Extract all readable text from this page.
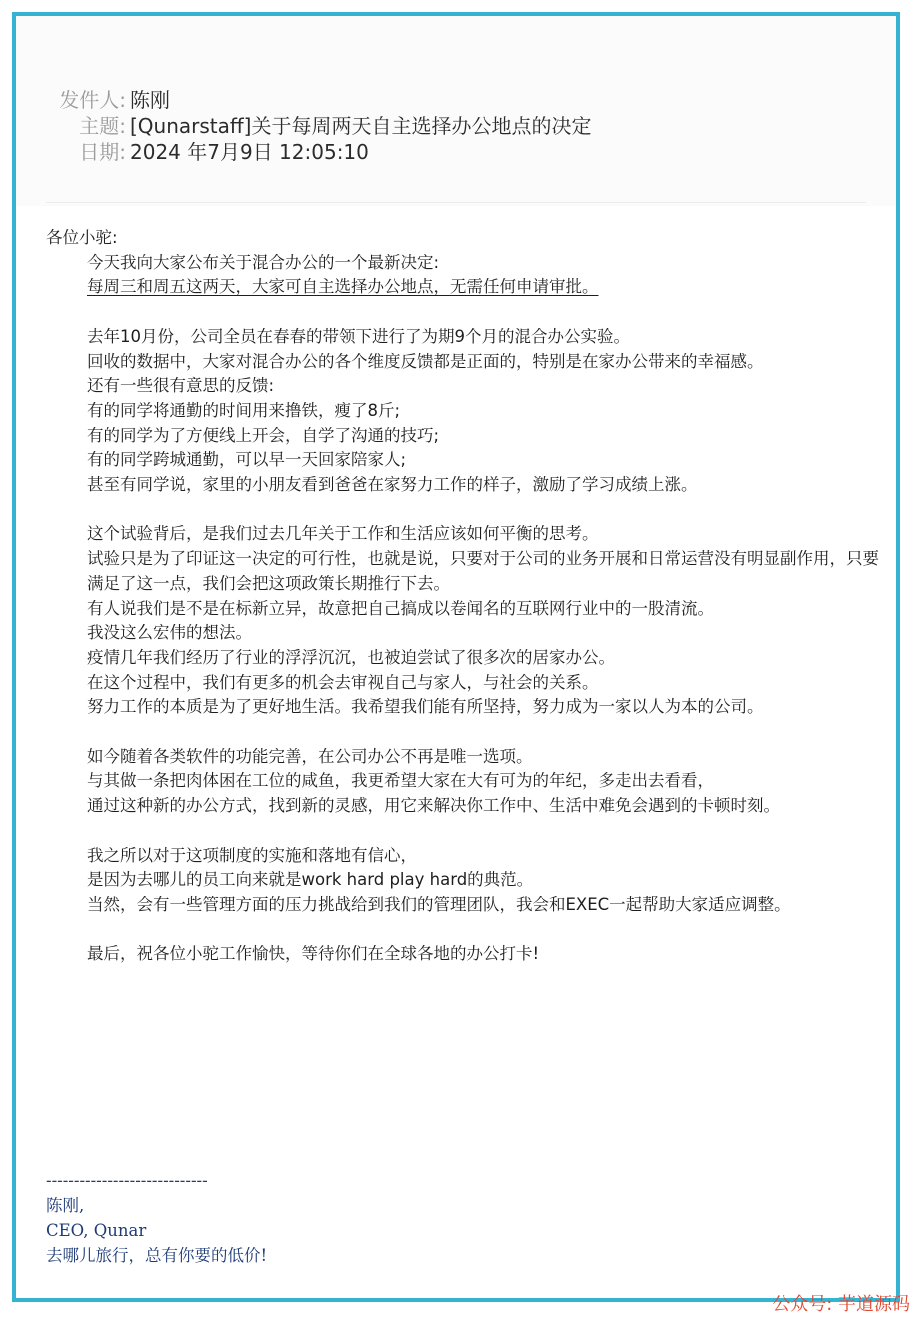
发件人: 陈刚
主题: [Qunarstaff]关于每周两天自主选择办公地点的决定
日期: 2024 年7月9日 12:05:10
各位小驼:
今天我向大家公布关于混合办公的一个最新决定:
每周三和周五这两天，大家可自主选择办公地点，无需任何申请审批。
去年10月份，公司全员在春春的带领下进行了为期9个月的混合办公实验。
回收的数据中，大家对混合办公的各个维度反馈都是正面的，特别是在家办公带来的幸福感。
还有一些很有意思的反馈:
有的同学将通勤的时间用来撸铁，瘦了8斤;
有的同学为了方便线上开会，自学了沟通的技巧;
有的同学跨城通勤，可以早一天回家陪家人;
甚至有同学说，家里的小朋友看到爸爸在家努力工作的样子，激励了学习成绩上涨。
这个试验背后，是我们过去几年关于工作和生活应该如何平衡的思考。
试验只是为了印证这一决定的可行性，也就是说，只要对于公司的业务开展和日常运营没有明显副作用，只要满足了这一点，我们会把这项政策长期推行下去。
有人说我们是不是在标新立异，故意把自己搞成以卷闻名的互联网行业中的一股清流。
我没这么宏伟的想法。
疫情几年我们经历了行业的浮浮沉沉，也被迫尝试了很多次的居家办公。
在这个过程中，我们有更多的机会去审视自己与家人，与社会的关系。
努力工作的本质是为了更好地生活。我希望我们能有所坚持，努力成为一家以人为本的公司。
如今随着各类软件的功能完善，在公司办公不再是唯一选项。
与其做一条把肉体困在工位的咸鱼，我更希望大家在大有可为的年纪，多走出去看看，
通过这种新的办公方式，找到新的灵感，用它来解决你工作中、生活中难免会遇到的卡顿时刻。
我之所以对于这项制度的实施和落地有信心，
是因为去哪儿的员工向来就是work hard play hard的典范。
当然，会有一些管理方面的压力挑战给到我们的管理团队，我会和EXEC一起帮助大家适应调整。
最后，祝各位小驼工作愉快，等待你们在全球各地的办公打卡!
-----------------------------
陈刚,
CEO, Qunar
去哪儿旅行，总有你要的低价!
公众号: 芋道源码
